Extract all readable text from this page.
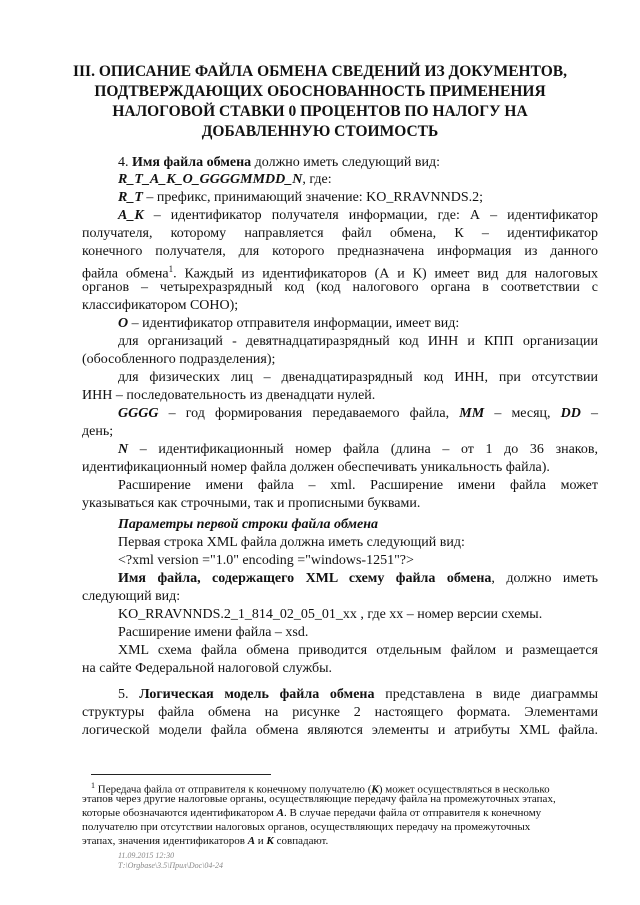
III. ОПИСАНИЕ ФАЙЛА ОБМЕНА СВЕДЕНИЙ ИЗ ДОКУМЕНТОВ,
ПОДТВЕРЖДАЮЩИХ ОБОСНОВАННОСТЬ ПРИМЕНЕНИЯ
НАЛОГОВОЙ СТАВКИ 0 ПРОЦЕНТОВ ПО НАЛОГУ НА
ДОБАВЛЕННУЮ СТОИМОСТЬ
4. Имя файла обмена должно иметь следующий вид:
R_T_A_K_O_GGGGMMDD_N, где:
R_T – префикс, принимающий значение: KO_RRAVNNDS.2;
A_K – идентификатор получателя информации, где: А – идентификатор
получателя, которому направляется файл обмена, К – идентификатор
конечного получателя, для которого предназначена информация из данного
файла обмена$^1$. Каждый из идентификаторов (А и К) имеет вид для налоговых
органов – четырехразрядный код (код налогового органа в соответствии с
классификатором СОНО);
O – идентификатор отправителя информации, имеет вид:
для организаций - девятнадцатиразрядный код ИНН и КПП организации
(обособленного подразделения);
для физических лиц – двенадцатиразрядный код ИНН, при отсутствии
ИНН – последовательность из двенадцати нулей.
GGGG – год формирования передаваемого файла, MM – месяц, DD –
день;
N – идентификационный номер файла (длина – от 1 до 36 знаков,
идентификационный номер файла должен обеспечивать уникальность файла).
Расширение имени файла – xml. Расширение имени файла может
указываться как строчными, так и прописными буквами.
Параметры первой строки файла обмена
Первая строка XML файла должна иметь следующий вид:
<?xml version ="1.0" encoding ="windows-1251"?>
Имя файла, содержащего XML схему файла обмена, должно иметь
следующий вид:
KO_RRAVNNDS.2_1_814_02_05_01_xx , где хх – номер версии схемы.
Расширение имени файла – xsd.
XML схема файла обмена приводится отдельным файлом и размещается
на сайте Федеральной налоговой службы.
5. Логическая модель файла обмена представлена в виде диаграммы
структуры файла обмена на рисунке 2 настоящего формата. Элементами
логической модели файла обмена являются элементы и атрибуты XML файла.
$^1$ Передача файла от отправителя к конечному получателю (К) может осуществляться в несколько
этапов через другие налоговые органы, осуществляющие передачу файла на промежуточных этапах,
которые обозначаются идентификатором А. В случае передачи файла от отправителя к конечному
получателю при отсутствии налоговых органов, осуществляющих передачу на промежуточных
этапах, значения идентификаторов А и К совпадают.
11.09.2015 12:30
Т:\Orgbase\3.5\Прил\Doc\04-24
